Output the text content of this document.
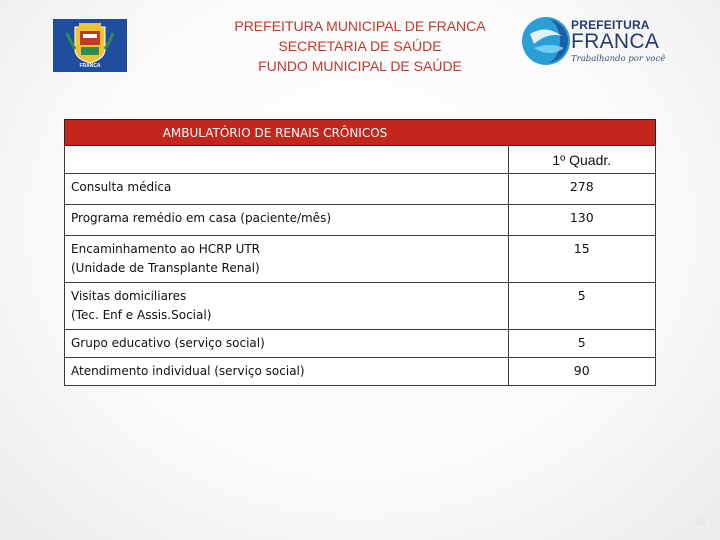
FRANCA
PREFEITURA MUNICIPAL DE FRANCA
SECRETARIA DE SAÚDE
FUNDO MUNICIPAL DE SAÚDE
PREFEITURA
FRANCA
Trabalhando por você
AMBULATÓRIO DE RENAIS CRÔNICOS	

	1º Quadr.
Consulta médica	278
Programa remédio em casa (paciente/mês)	130

Encaminhamento ao HCRP UTR
(Unidade de Transplante Renal)	15

Visitas domiciliares
(Tec. Enf e Assis.Social)	5
Grupo educativo (serviço social)	5
Atendimento individual (serviço social)	90
33
